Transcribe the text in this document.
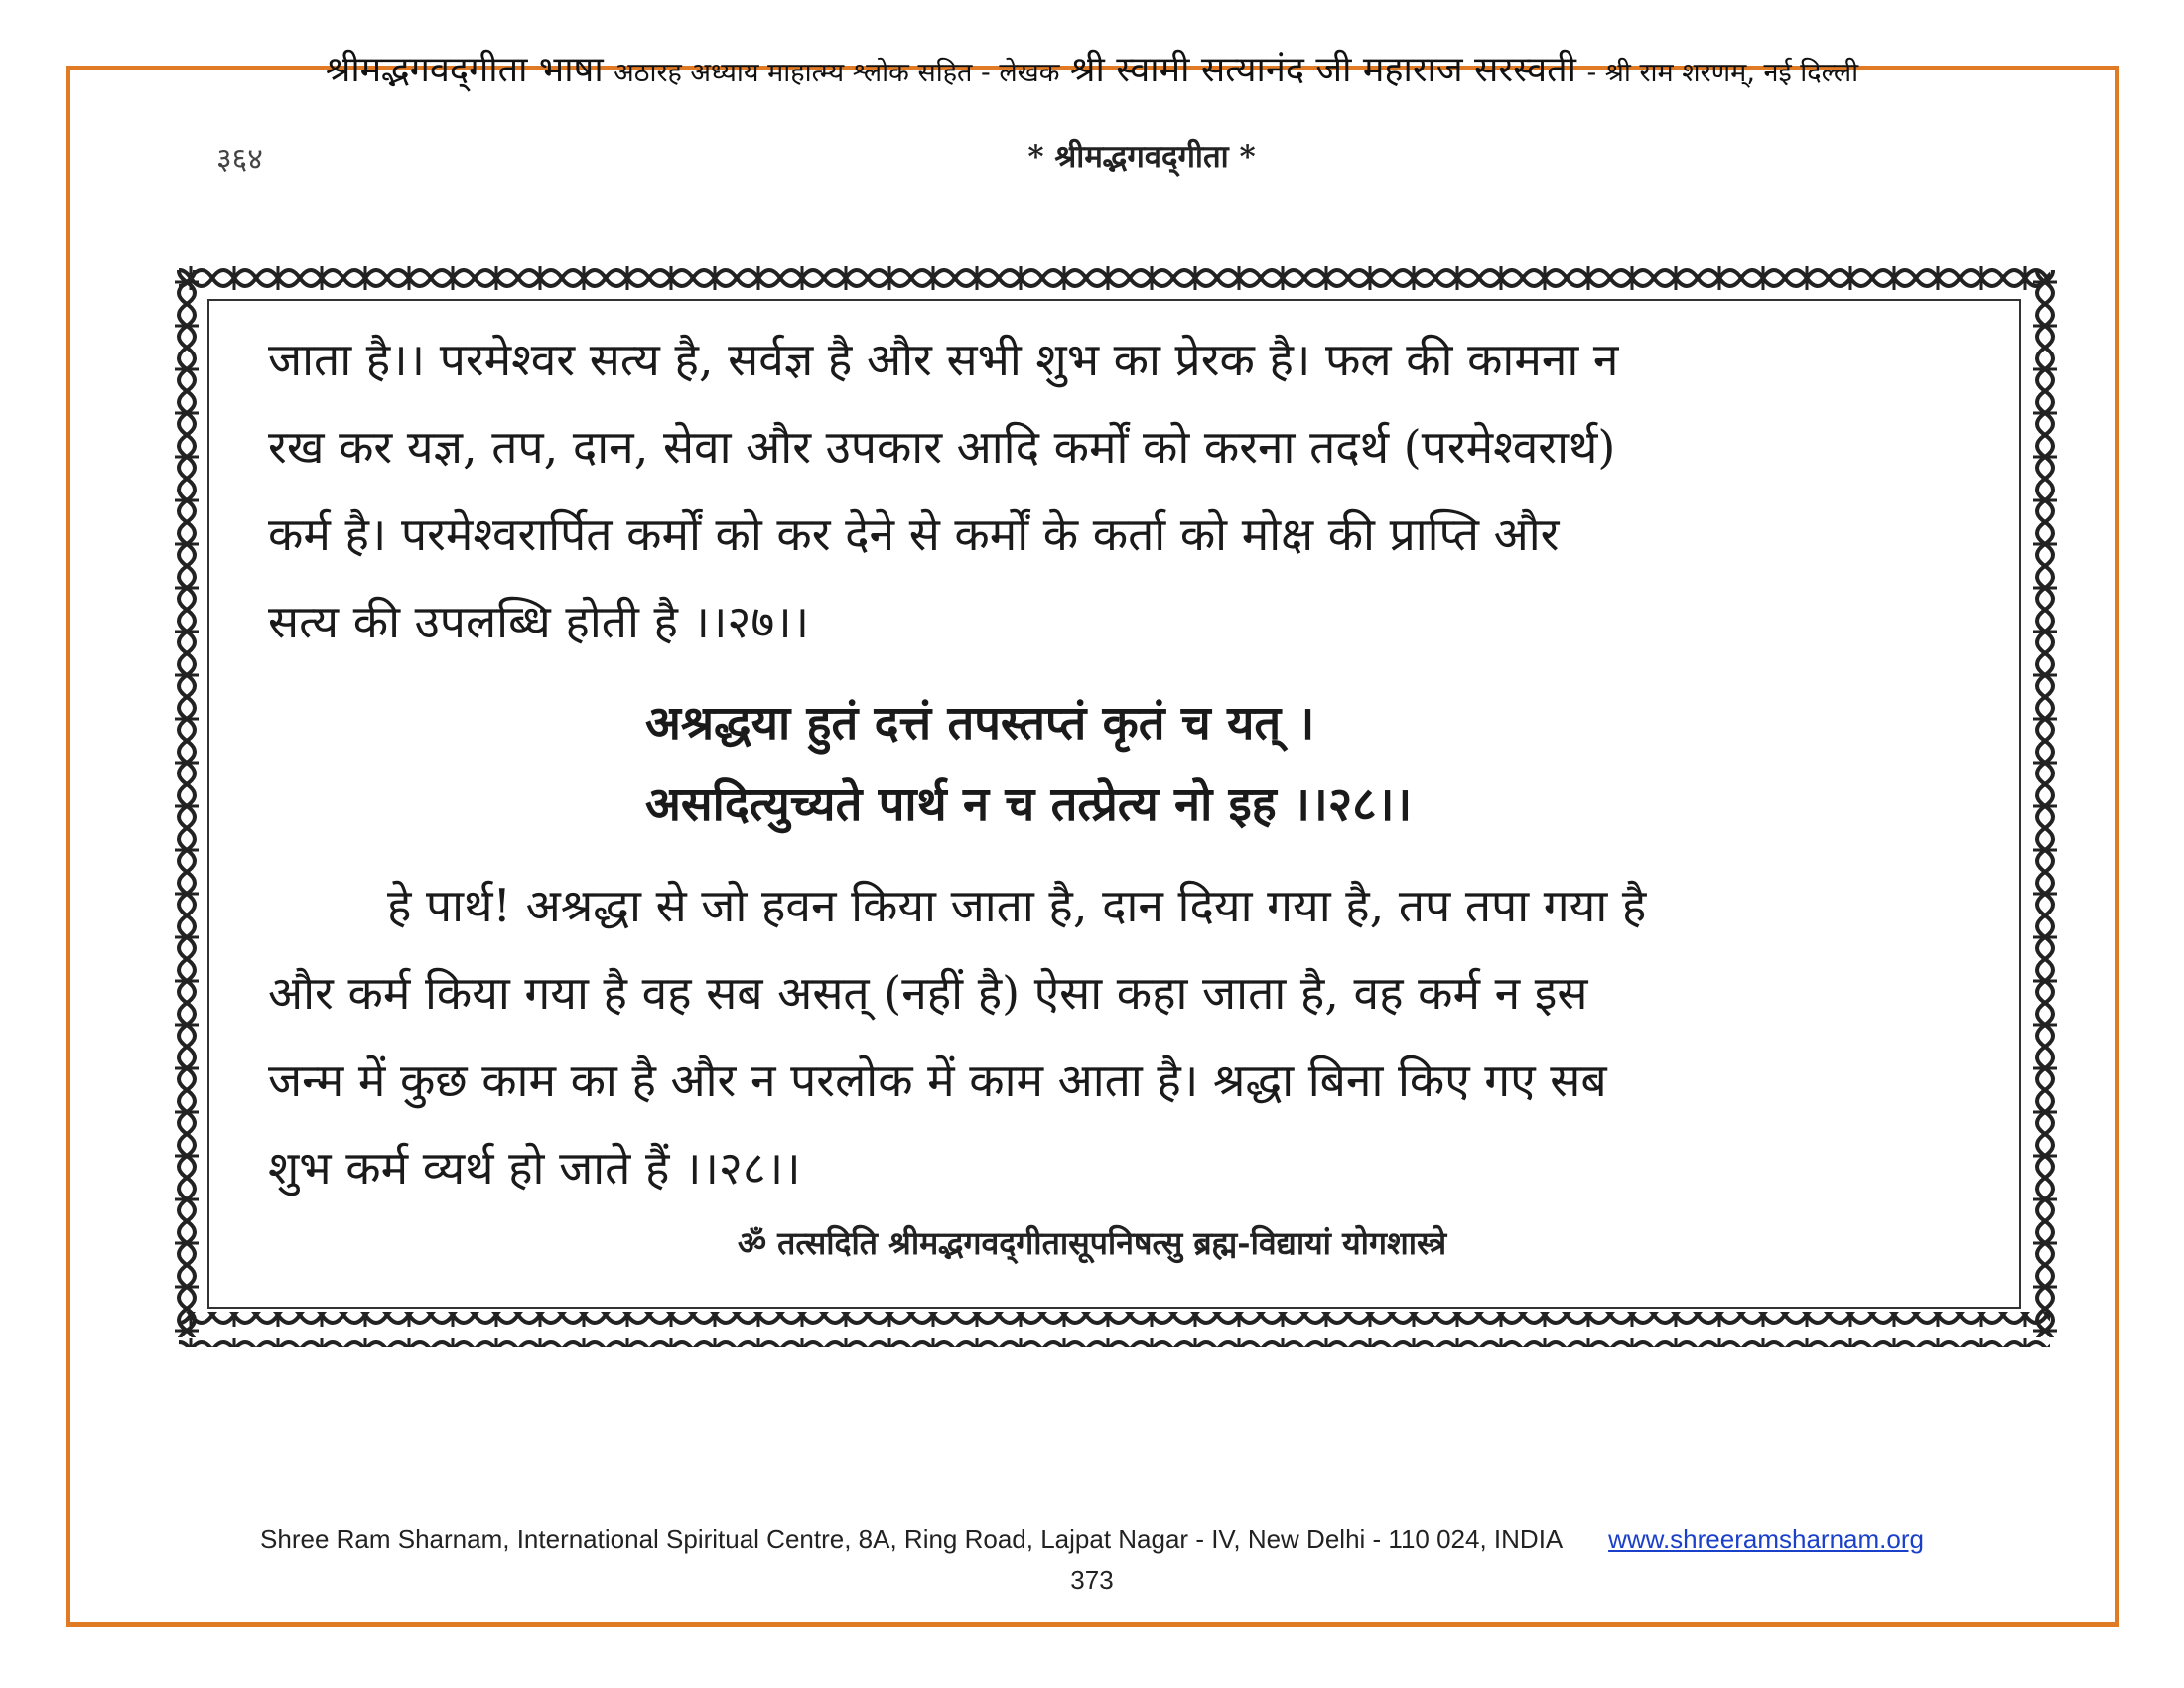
श्रीमद्भगवद्‌गीता भाषा अठारह अध्याय माहात्म्य श्लोक सहित - लेखक श्री स्वामी सत्यानंद जी महाराज सरस्वती - श्री राम शरणम्, नई दिल्ली
३६४	* श्रीमद्भगवद्‌गीता *
जाता है।। परमेश्वर सत्य है, सर्वज्ञ है और सभी शुभ का प्रेरक है। फल की कामना न
रख कर यज्ञ, तप, दान, सेवा और उपकार आदि कर्मों को करना तदर्थ (परमेश्वरार्थ)
कर्म है। परमेश्वरार्पित कर्मों को कर देने से कर्मों के कर्ता को मोक्ष की प्राप्ति और
सत्य की उपलब्धि होती है ।।२७।।
अश्रद्धया हुतं दत्तं तपस्तप्तं कृतं च यत् ।
असदित्युच्यते पार्थ न च तत्प्रेत्य नो इह ।।२८।।
हे पार्थ! अश्रद्धा से जो हवन किया जाता है, दान दिया गया है, तप तपा गया है
और कर्म किया गया है वह सब असत् (नहीं है) ऐसा कहा जाता है, वह कर्म न इस
जन्म में कुछ काम का है और न परलोक में काम आता है। श्रद्धा बिना किए गए सब
शुभ कर्म व्यर्थ हो जाते हैं ।।२८।।
ॐ तत्सदिति श्रीमद्भगवद्‌गीतासूपनिषत्सु ब्रह्म-विद्यायां योगशास्त्रे
Shree Ram Sharnam, International Spiritual Centre, 8A, Ring Road, Lajpat Nagar - IV, New Delhi - 110 024, INDIA www.shreeramsharnam.org
373
